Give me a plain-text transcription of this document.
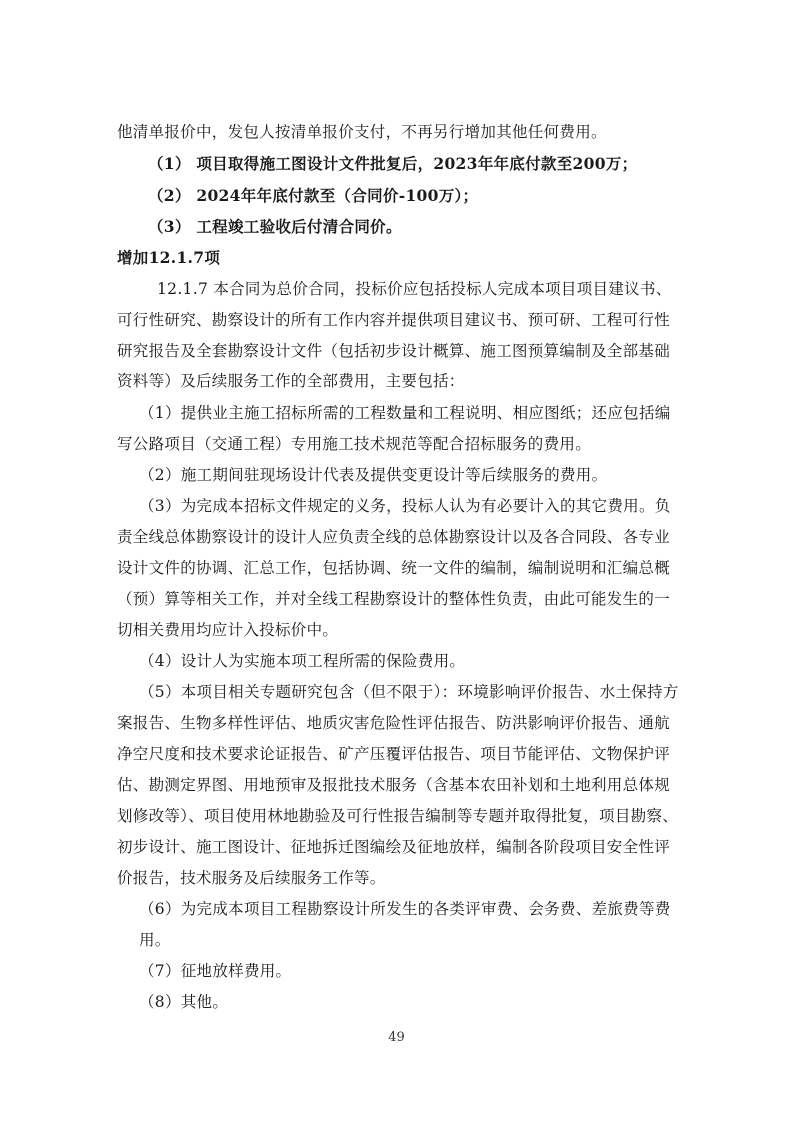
他清单报价中，发包人按清单报价支付，不再另行增加其他任何费用。
（1） 项目取得施工图设计文件批复后，2023年年底付款至200万；
（2） 2024年年底付款至（合同价-100万）；
（3） 工程竣工验收后付清合同价。
增加12.1.7项
12.1.7 本合同为总价合同，投标价应包括投标人完成本项目项目建议书、
可行性研究、勘察设计的所有工作内容并提供项目建议书、预可研、工程可行性
研究报告及全套勘察设计文件（包括初步设计概算、施工图预算编制及全部基础
资料等）及后续服务工作的全部费用，主要包括：
（1）提供业主施工招标所需的工程数量和工程说明、相应图纸；还应包括编
写公路项目（交通工程）专用施工技术规范等配合招标服务的费用。
（2）施工期间驻现场设计代表及提供变更设计等后续服务的费用。
（3）为完成本招标文件规定的义务，投标人认为有必要计入的其它费用。负
责全线总体勘察设计的设计人应负责全线的总体勘察设计以及各合同段、各专业
设计文件的协调、汇总工作，包括协调、统一文件的编制，编制说明和汇编总概
（预）算等相关工作，并对全线工程勘察设计的整体性负责，由此可能发生的一
切相关费用均应计入投标价中。
（4）设计人为实施本项工程所需的保险费用。
（5）本项目相关专题研究包含（但不限于）：环境影响评价报告、水土保持方
案报告、生物多样性评估、地质灾害危险性评估报告、防洪影响评价报告、通航
净空尺度和技术要求论证报告、矿产压覆评估报告、项目节能评估、文物保护评
估、勘测定界图、用地预审及报批技术服务（含基本农田补划和土地利用总体规
划修改等）、项目使用林地勘验及可行性报告编制等专题并取得批复，项目勘察、
初步设计、施工图设计、征地拆迁图编绘及征地放样，编制各阶段项目安全性评
价报告，技术服务及后续服务工作等。
（6）为完成本项目工程勘察设计所发生的各类评审费、会务费、差旅费等费
用。
（7）征地放样费用。
（8）其他。
49
